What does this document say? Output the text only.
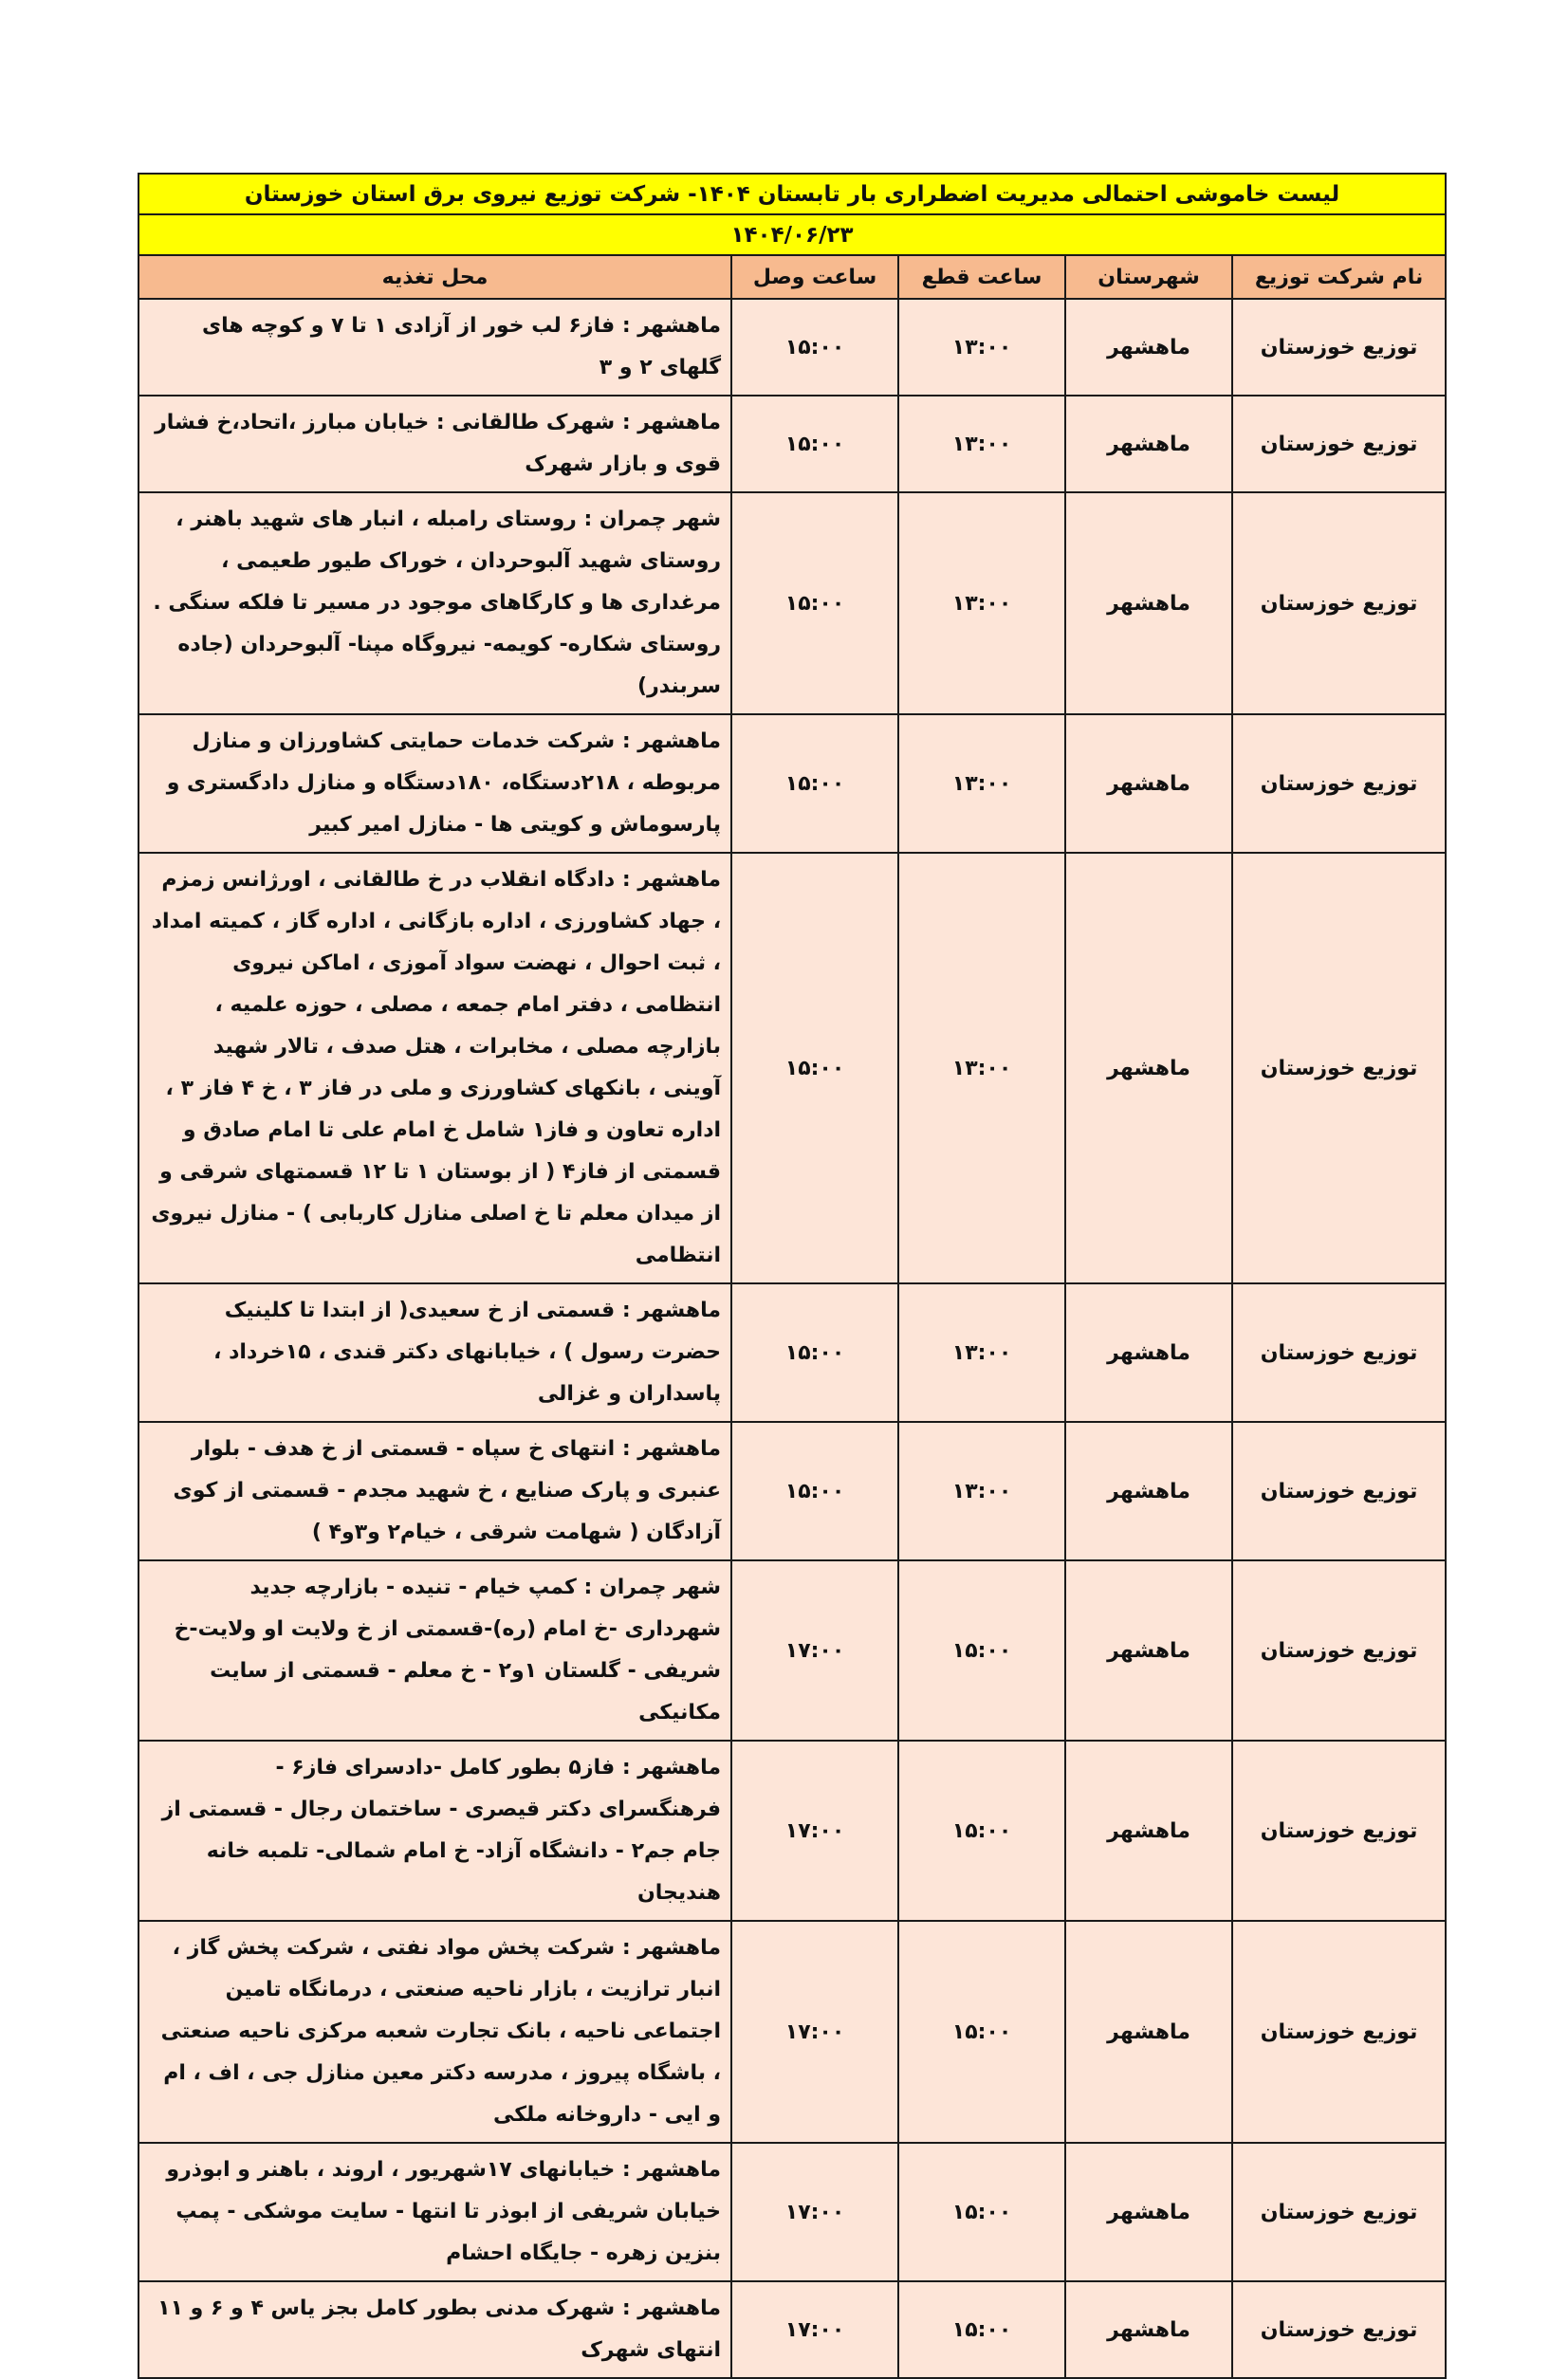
لیست خاموشی احتمالی مدیریت اضطراری بار تابستان ۱۴۰۴- شرکت توزیع نیروی برق استان خوزستان				
۱۴۰۴/۰۶/۲۳				
نام شرکت توزیع	شهرستان	ساعت قطع	ساعت وصل	محل تغذیه
توزیع خوزستان	ماهشهر	۱۳:۰۰	۱۵:۰۰	ماهشهر : فاز۶ لب خور از آزادی ۱ تا ۷ و کوچه های گلهای ۲ و ۳
توزیع خوزستان	ماهشهر	۱۳:۰۰	۱۵:۰۰	ماهشهر : شهرک طالقانی : خیابان مبارز ،اتحاد،خ فشار قوی و بازار شهرک
توزیع خوزستان	ماهشهر	۱۳:۰۰	۱۵:۰۰	شهر چمران : روستای رامبله ، انبار های شهید باهنر ، روستای شهید آلبوحردان ، خوراک طیور طعیمی ، مرغداری ها و کارگاهای موجود در مسیر تا فلکه سنگی . روستای شکاره- کویمه- نیروگاه مپنا- آلبوحردان (جاده سربندر)
توزیع خوزستان	ماهشهر	۱۳:۰۰	۱۵:۰۰	ماهشهر : شرکت خدمات حمایتی کشاورزان و منازل مربوطه ، ۲۱۸دستگاه، ۱۸۰دستگاه و منازل دادگستری و پارسوماش و کویتی ها - منازل امیر کبیر
توزیع خوزستان	ماهشهر	۱۳:۰۰	۱۵:۰۰	ماهشهر : دادگاه انقلاب در خ طالقانی ، اورژانس زمزم ، جهاد کشاورزی ، اداره بازگانی ، اداره گاز ، کمیته امداد ، ثبت احوال ، نهضت سواد آموزی ، اماکن نیروی انتظامی ، دفتر امام جمعه ، مصلی ، حوزه علمیه ، بازارچه مصلی ، مخابرات ، هتل صدف ، تالار شهید آوینی ، بانکهای کشاورزی و ملی در فاز ۳ ، خ ۴ فاز ۳ ، اداره تعاون و فاز۱ شامل خ امام علی تا امام صادق و قسمتی از فاز۴ ( از بوستان ۱ تا ۱۲ قسمتهای شرقی و از میدان معلم تا خ اصلی منازل کاربابی ) - منازل نیروی انتظامی
توزیع خوزستان	ماهشهر	۱۳:۰۰	۱۵:۰۰	ماهشهر : قسمتی از خ سعیدی( از ابتدا تا کلینیک حضرت رسول ) ، خیابانهای دکتر قندی ، ۱۵خرداد ، پاسداران و غزالی
توزیع خوزستان	ماهشهر	۱۳:۰۰	۱۵:۰۰	ماهشهر : انتهای خ سپاه - قسمتی از خ هدف - بلوار عنبری و پارک صنایع ، خ شهید مجدم - قسمتی از کوی آزادگان ( شهامت شرقی ، خیام۲ و۳و۴ )
توزیع خوزستان	ماهشهر	۱۵:۰۰	۱۷:۰۰	شهر چمران : کمپ خیام - تنیده - بازارچه جدید شهرداری -خ امام (ره)-قسمتی از خ ولایت او ولایت-خ شریفی - گلستان ۱و۲ - خ معلم - قسمتی از سایت مکانیکی
توزیع خوزستان	ماهشهر	۱۵:۰۰	۱۷:۰۰	ماهشهر : فاز۵ بطور کامل -دادسرای فاز۶ - فرهنگسرای دکتر قیصری - ساختمان رجال - قسمتی از جام جم۲ - دانشگاه آزاد- خ امام شمالی- تلمبه خانه هندیجان
توزیع خوزستان	ماهشهر	۱۵:۰۰	۱۷:۰۰	ماهشهر : شرکت پخش مواد نفتی ، شرکت پخش گاز ، انبار ترازیت ، بازار ناحیه صنعتی ، درمانگاه تامین اجتماعی ناحیه ، بانک تجارت شعبه مرکزی ناحیه صنعتی ، باشگاه پیروز ، مدرسه دکتر معین منازل جی ، اف ، ام و ایی - داروخانه ملکی
توزیع خوزستان	ماهشهر	۱۵:۰۰	۱۷:۰۰	ماهشهر : خیابانهای ۱۷شهریور ، اروند ، باهنر و ابوذرو خیابان شریفی از ابوذر تا انتها - سایت موشکی - پمپ بنزین زهره - جایگاه احشام
توزیع خوزستان	ماهشهر	۱۵:۰۰	۱۷:۰۰	ماهشهر : شهرک مدنی بطور کامل بجز یاس ۴ و ۶ و ۱۱ انتهای شهرک
